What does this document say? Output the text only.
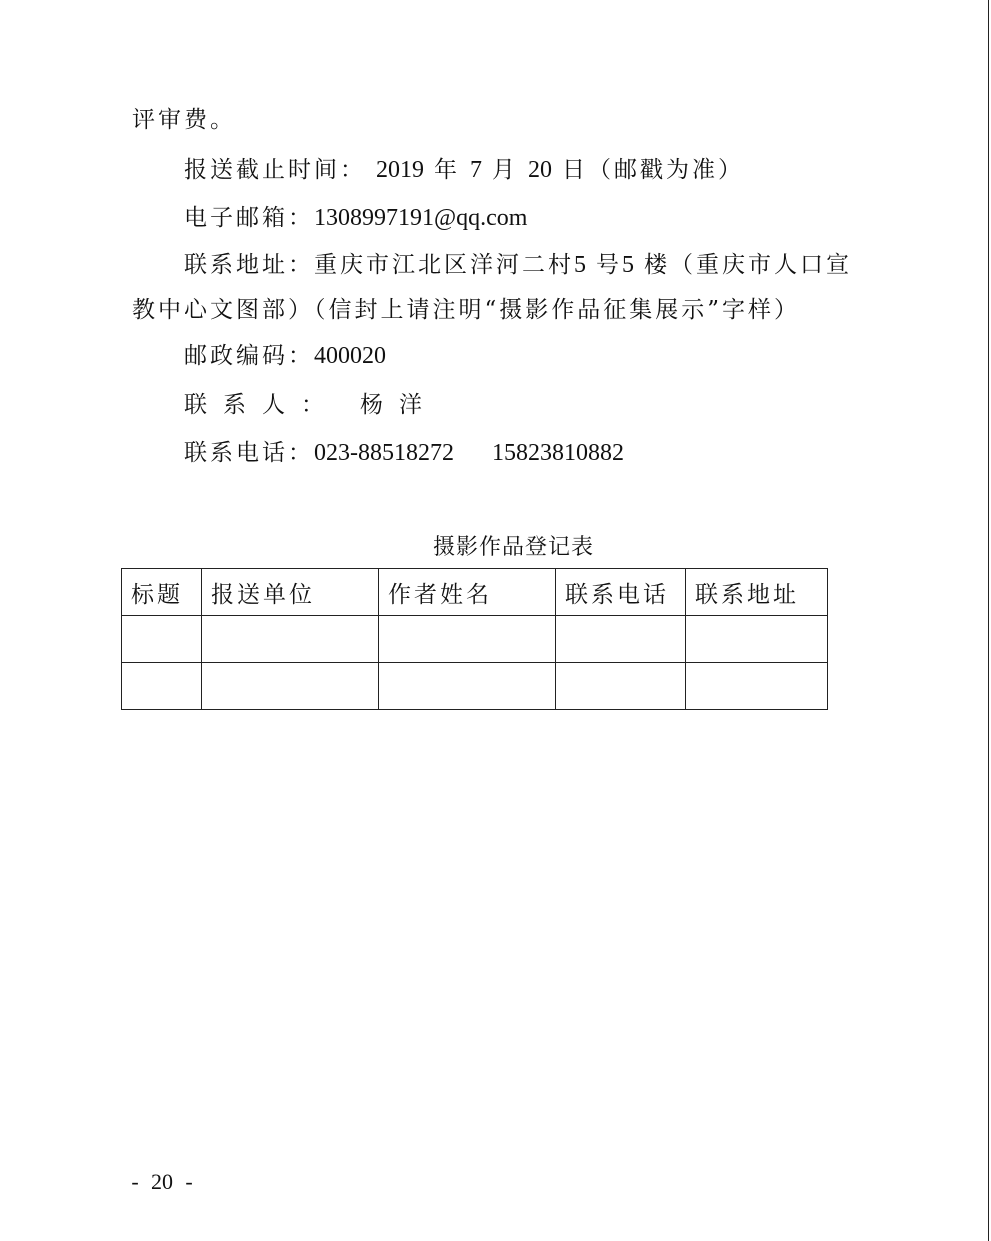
评审费。
报送截止时间： 2019 年 7 月 20 日（邮戳为准）
电子邮箱：1308997191@qq.com
联系地址：重庆市江北区洋河二村5 号5 楼（重庆市人口宣
教中心文图部）（信封上请注明“摄影作品征集展示”字样）
邮政编码：400020
联系人： 杨洋
联系电话：023-88518272 15823810882
摄影作品登记表
标题	报送单位	作者姓名	联系电话	联系地址

- 20 -
